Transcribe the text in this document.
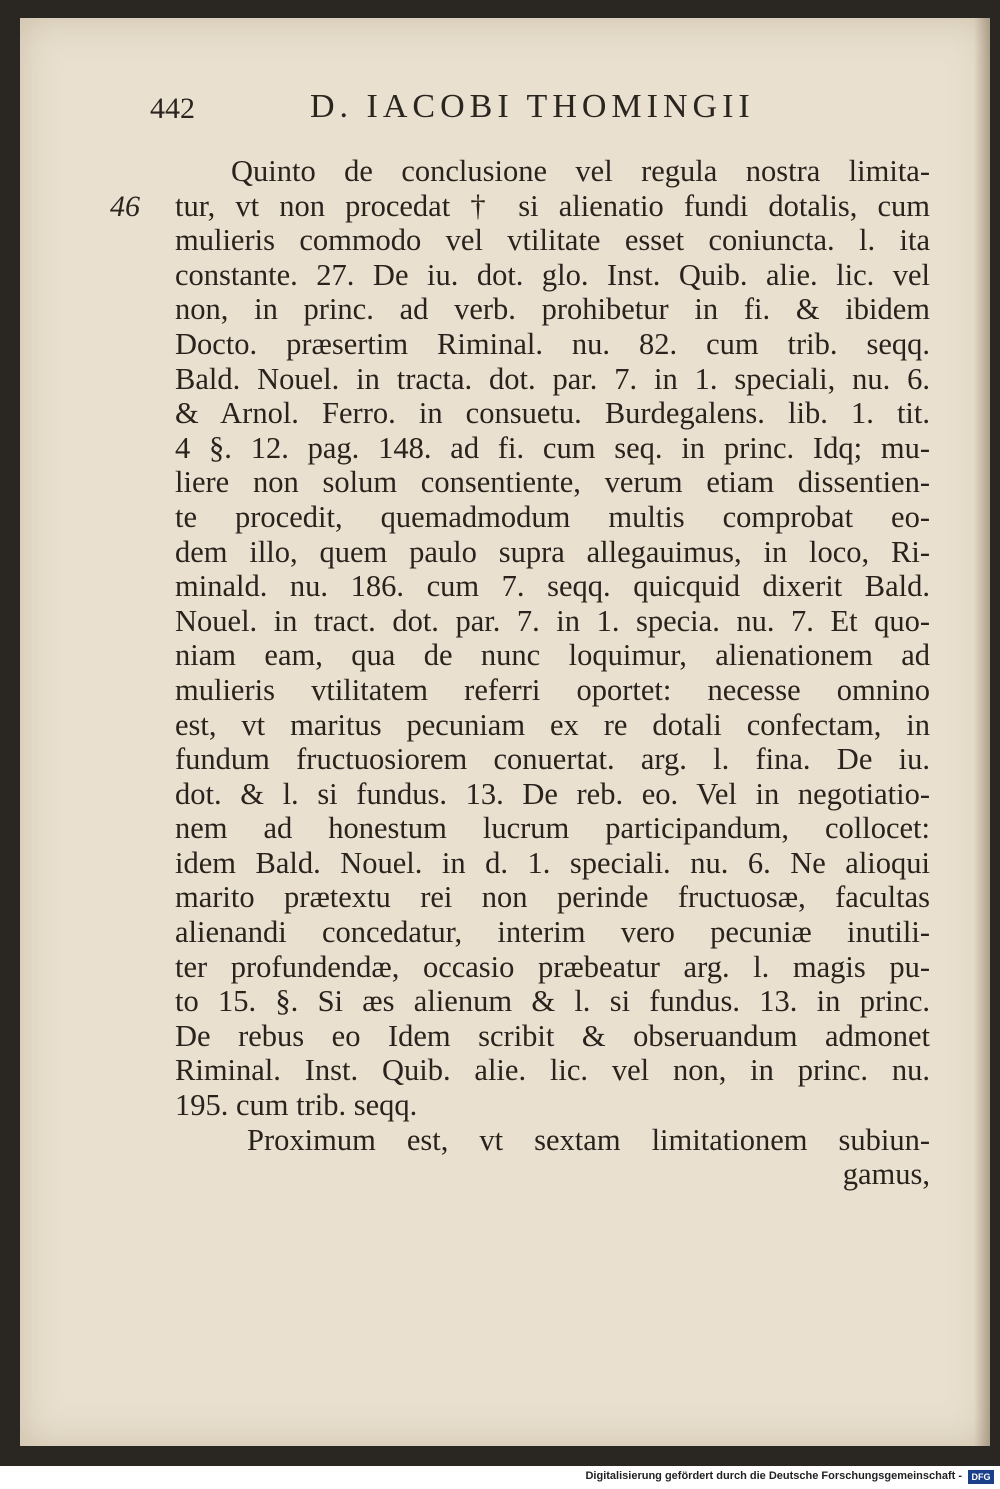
442	D. IACOBI THOMINGII
46
Quinto de conclusione vel regula nostra limita-
tur, vt non procedat † si alienatio fundi dotalis, cum
mulieris commodo vel vtilitate esset coniuncta. l. ita
constante. 27. De iu. dot. glo. Inst. Quib. alie. lic. vel
non, in princ. ad verb. prohibetur in fi. & ibidem
Docto. præsertim Riminal. nu. 82. cum trib. seqq.
Bald. Nouel. in tracta. dot. par. 7. in 1. speciali, nu. 6.
& Arnol. Ferro. in consuetu. Burdegalens. lib. 1. tit.
4 §. 12. pag. 148. ad fi. cum seq. in princ. Idq; mu-
liere non solum consentiente, verum etiam dissentien-
te procedit, quemadmodum multis comprobat eo-
dem illo, quem paulo supra allegauimus, in loco, Ri-
minald. nu. 186. cum 7. seqq. quicquid dixerit Bald.
Nouel. in tract. dot. par. 7. in 1. specia. nu. 7. Et quo-
niam eam, qua de nunc loquimur, alienationem ad
mulieris vtilitatem referri oportet: necesse omnino
est, vt maritus pecuniam ex re dotali confectam, in
fundum fructuosiorem conuertat. arg. l. fina. De iu.
dot. & l. si fundus. 13. De reb. eo. Vel in negotiatio-
nem ad honestum lucrum participandum, collocet:
idem Bald. Nouel. in d. 1. speciali. nu. 6. Ne alioqui
marito prætextu rei non perinde fructuosæ, facultas
alienandi concedatur, interim vero pecuniæ inutili-
ter profundendæ, occasio præbeatur arg. l. magis pu-
to 15. §. Si æs alienum & l. si fundus. 13. in princ.
De rebus eo Idem scribit & obseruandum admonet
Riminal. Inst. Quib. alie. lic. vel non, in princ. nu.
195. cum trib. seqq.
Proximum est, vt sextam limitationem subiun-
gamus,
Digitalisierung gefördert durch die Deutsche Forschungsgemeinschaft -	DFG
